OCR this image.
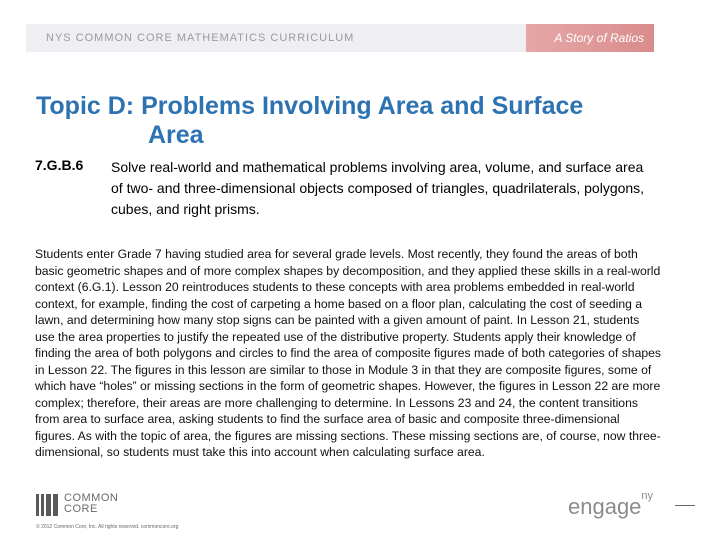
NYS COMMON CORE MATHEMATICS CURRICULUM	A Story of Ratios
Topic D: Problems Involving Area and Surface
Area
7.G.B.6 Solve real-world and mathematical problems involving area, volume, and surface area of two- and three-dimensional objects composed of triangles, quadrilaterals, polygons, cubes, and right prisms.
Students enter Grade 7 having studied area for several grade levels. Most recently, they found the areas of both basic geometric shapes and of more complex shapes by decomposition, and they applied these skills in a real-world context (6.G.1). Lesson 20 reintroduces students to these concepts with area problems embedded in real-world context, for example, finding the cost of carpeting a home based on a floor plan, calculating the cost of seeding a lawn, and determining how many stop signs can be painted with a given amount of paint. In Lesson 21, students use the area properties to justify the repeated use of the distributive property. Students apply their knowledge of finding the area of both polygons and circles to find the area of composite figures made of both categories of shapes in Lesson 22. The figures in this lesson are similar to those in Module 3 in that they are composite figures, some of which have “holes” or missing sections in the form of geometric shapes. However, the figures in Lesson 22 are more complex; therefore, their areas are more challenging to determine. In Lessons 23 and 24, the content transitions from area to surface area, asking students to find the surface area of basic and composite three-dimensional figures. As with the topic of area, the figures are missing sections. These missing sections are, of course, now three-dimensional, so students must take this into account when calculating surface area.
COMMON
CORE
© 2012 Common Core, Inc. All rights reserved. commoncore.org
engage$^{ny}$
